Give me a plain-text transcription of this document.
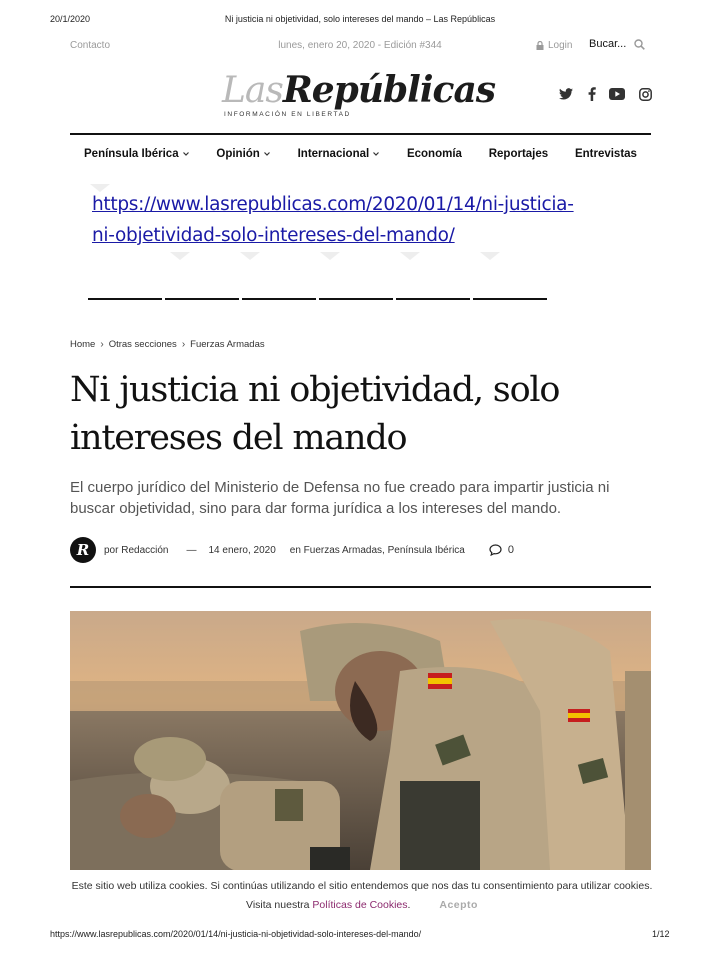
20/1/2020	Ni justicia ni objetividad, solo intereses del mando – Las Repúblicas
Contacto	lunes, enero 20, 2020 - Edición #344	Login Bucar...
LasRepúblicas
INFORMACIÓN EN LIBERTAD
Península Ibérica	Opinión	Internacional	Economía Reportajes Entrevistas
https://www.lasrepublicas.com/2020/01/14/ni-justicia-
ni-objetividad-solo-intereses-del-mando/
Home › Otras secciones › Fuerzas Armadas
Ni justicia ni objetividad, solo
intereses del mando
El cuerpo jurídico del Ministerio de Defensa no fue creado para impartir justicia ni buscar objetividad, sino para dar forma jurídica a los intereses del mando.
R	por Redacción — 14 enero, 2020 en Fuerzas Armadas, Península Ibérica	0
Este sitio web utiliza cookies. Si continúas utilizando el sitio entendemos que nos das tu consentimiento para utilizar cookies. Visita nuestra Políticas de Cookies.	Acepto
https://www.lasrepublicas.com/2020/01/14/ni-justicia-ni-objetividad-solo-intereses-del-mando/	1/12
